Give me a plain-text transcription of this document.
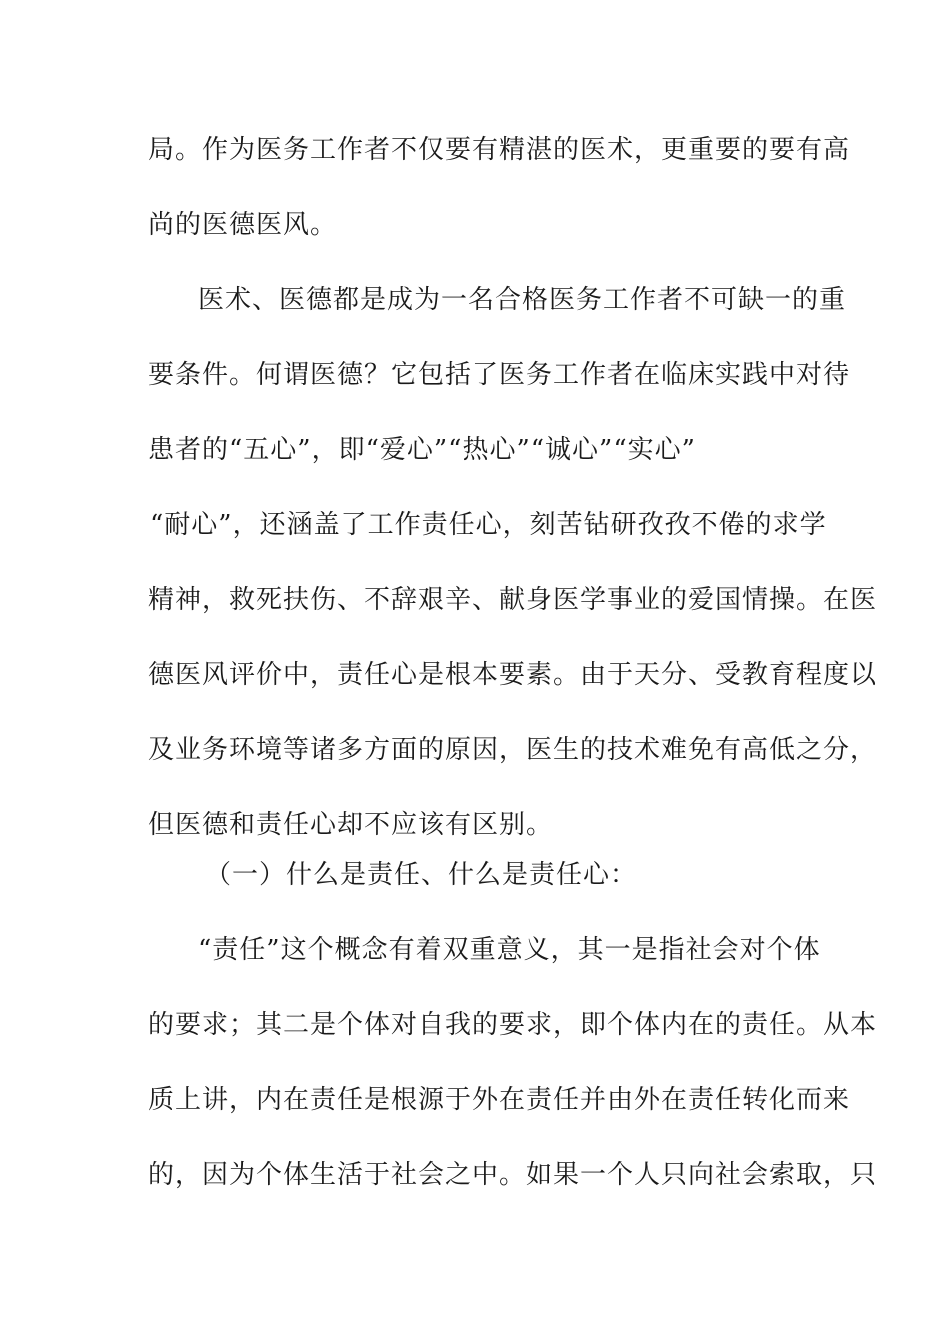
局。作为医务工作者不仅要有精湛的医术，更重要的要有高
尚的医德医风。
医术、医德都是成为一名合格医务工作者不可缺一的重
要条件。何谓医德？它包括了医务工作者在临床实践中对待
患者的“五心”，即“爱心”“热心”“诚心”“实心”
“耐心”，还涵盖了工作责任心，刻苦钻研孜孜不倦的求学
精神，救死扶伤、不辞艰辛、献身医学事业的爱国情操。在医
德医风评价中，责任心是根本要素。由于天分、受教育程度以
及业务环境等诸多方面的原因，医生的技术难免有高低之分，
但医德和责任心却不应该有区别。
（一）什么是责任、什么是责任心：
“责任”这个概念有着双重意义，其一是指社会对个体
的要求；其二是个体对自我的要求，即个体内在的责任。从本
质上讲，内在责任是根源于外在责任并由外在责任转化而来
的，因为个体生活于社会之中。如果一个人只向社会索取，只
